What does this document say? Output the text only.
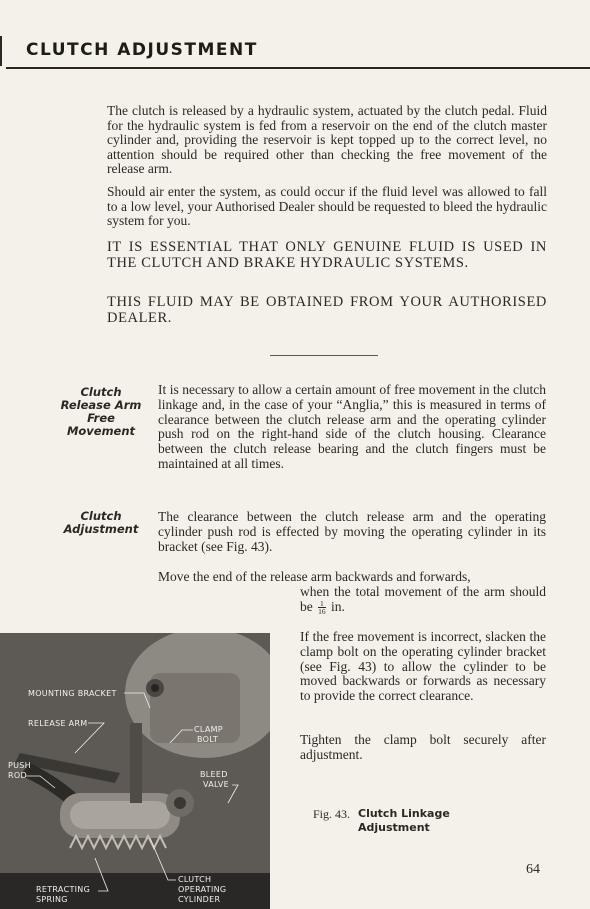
CLUTCH ADJUSTMENT

The clutch is released by a hydraulic system, actuated by the clutch pedal. Fluid for the hydraulic system is fed from a reservoir on the end of the clutch master cylinder and, providing the reservoir is kept topped up to the correct level, no attention should be required other than checking the free movement of the release arm.

Should air enter the system, as could occur if the fluid level was allowed to fall to a low level, your Authorised Dealer should be requested to bleed the hydraulic system for you.

IT IS ESSENTIAL THAT ONLY GENUINE FLUID IS USED IN THE CLUTCH AND BRAKE HYDRAULIC SYSTEMS.

THIS FLUID MAY BE OBTAINED FROM YOUR AUTHORISED DEALER.

Clutch
Release Arm
Free
Movement

It is necessary to allow a certain amount of free movement in the clutch linkage and, in the case of your “Anglia,” this is measured in terms of clearance between the clutch release arm and the operating cylinder push rod on the right-hand side of the clutch housing. Clearance between the clutch release bearing and the clutch fingers must be maintained at all times.

Clutch
Adjustment

The clearance between the clutch release arm and the operating cylinder push rod is effected by moving the operating cylinder in its bracket (see Fig. 43).

Move the end of the release arm backwards and forwards,

when the total movement of the arm should be $\frac{1}{16}$ in.

If the free movement is incorrect, slacken the clamp bolt on the operating cylinder bracket (see Fig. 43) to allow the cylinder to be moved backwards or forwards as necessary to provide the correct clearance.

Tighten the clamp bolt securely after adjustment.

MOUNTING BRACKET
RELEASE ARM
PUSH
ROD
CLAMP
BOLT
BLEED
VALVE
RETRACTING
SPRING
CLUTCH
OPERATING
CYLINDER
Fig. 43. Clutch Linkage
Adjustment
64
